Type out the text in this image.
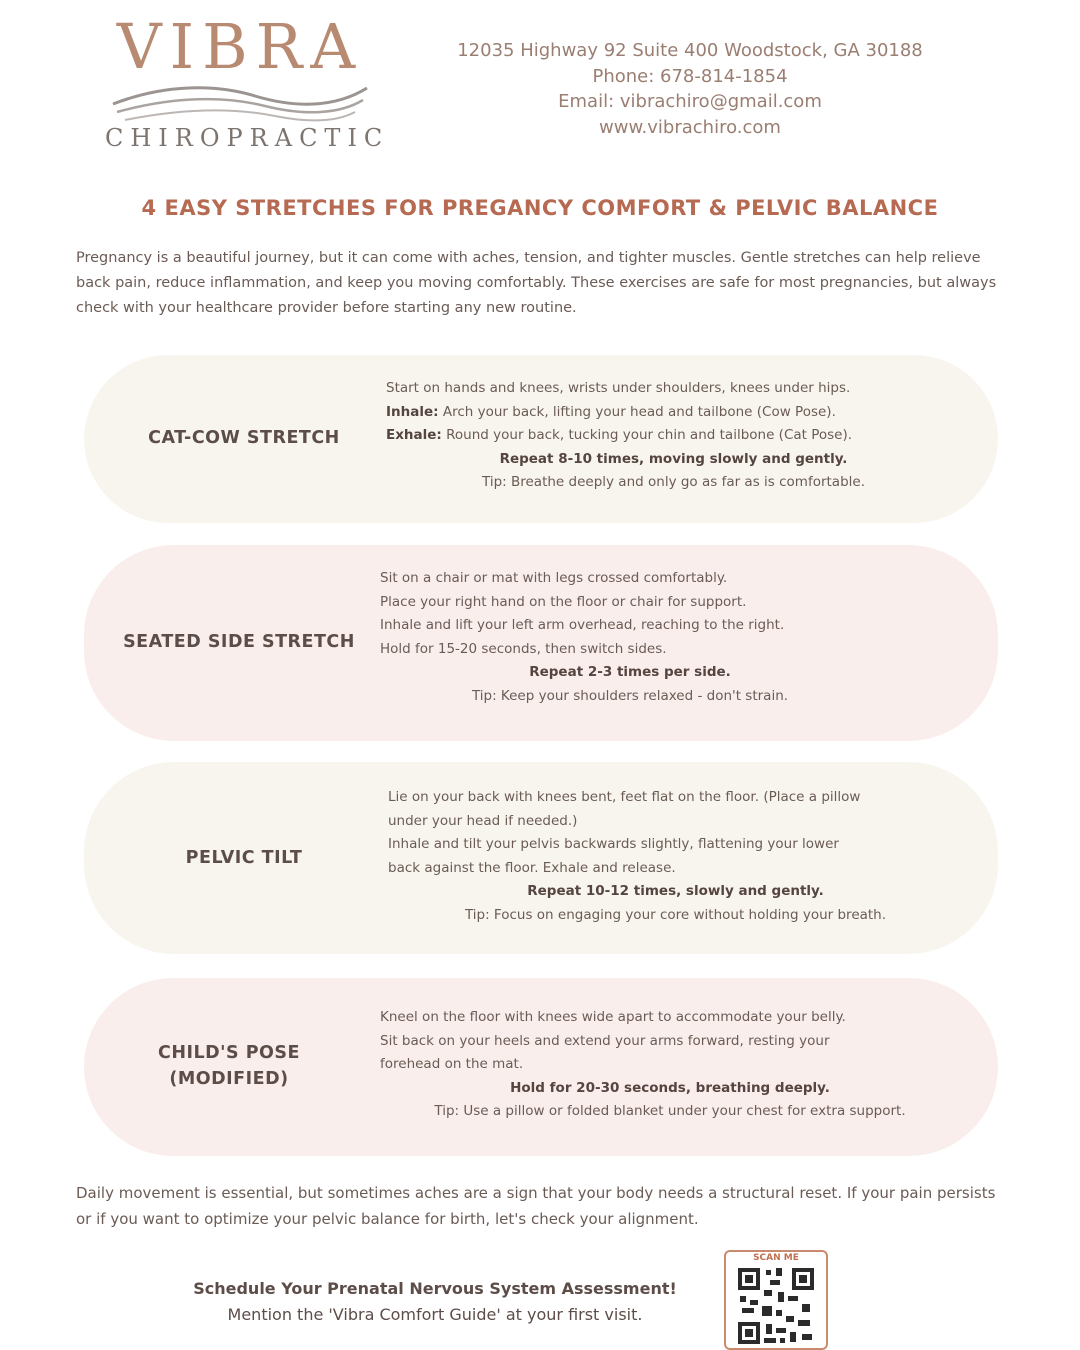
VIBRA
CHIROPRACTIC
12035 Highway 92 Suite 400 Woodstock, GA 30188
Phone: 678-814-1854
Email: vibrachiro@gmail.com
www.vibrachiro.com
4 EASY STRETCHES FOR PREGANCY COMFORT & PELVIC BALANCE
Pregnancy is a beautiful journey, but it can come with aches, tension, and tighter muscles. Gentle stretches can help relieve back pain, reduce inflammation, and keep you moving comfortably. These exercises are safe for most pregnancies, but always check with your healthcare provider before starting any new routine.
CAT-COW STRETCH
Start on hands and knees, wrists under shoulders, knees under hips.
Inhale: Arch your back, lifting your head and tailbone (Cow Pose).
Exhale: Round your back, tucking your chin and tailbone (Cat Pose).
Repeat 8-10 times, moving slowly and gently.
Tip: Breathe deeply and only go as far as is comfortable.
SEATED SIDE STRETCH
Sit on a chair or mat with legs crossed comfortably.
Place your right hand on the floor or chair for support.
Inhale and lift your left arm overhead, reaching to the right.
Hold for 15-20 seconds, then switch sides.
Repeat 2-3 times per side.
Tip: Keep your shoulders relaxed - don't strain.
PELVIC TILT
Lie on your back with knees bent, feet flat on the floor. (Place a pillow
under your head if needed.)
Inhale and tilt your pelvis backwards slightly, flattening your lower
back against the floor. Exhale and release.
Repeat 10-12 times, slowly and gently.
Tip: Focus on engaging your core without holding your breath.
CHILD'S POSE (MODIFIED)
Kneel on the floor with knees wide apart to accommodate your belly.
Sit back on your heels and extend your arms forward, resting your
forehead on the mat.
Hold for 20-30 seconds, breathing deeply.
Tip: Use a pillow or folded blanket under your chest for extra support.
Daily movement is essential, but sometimes aches are a sign that your body needs a structural reset. If your pain persists or if you want to optimize your pelvic balance for birth, let's check your alignment.
Schedule Your Prenatal Nervous System Assessment!
Mention the 'Vibra Comfort Guide' at your first visit.
SCAN ME
